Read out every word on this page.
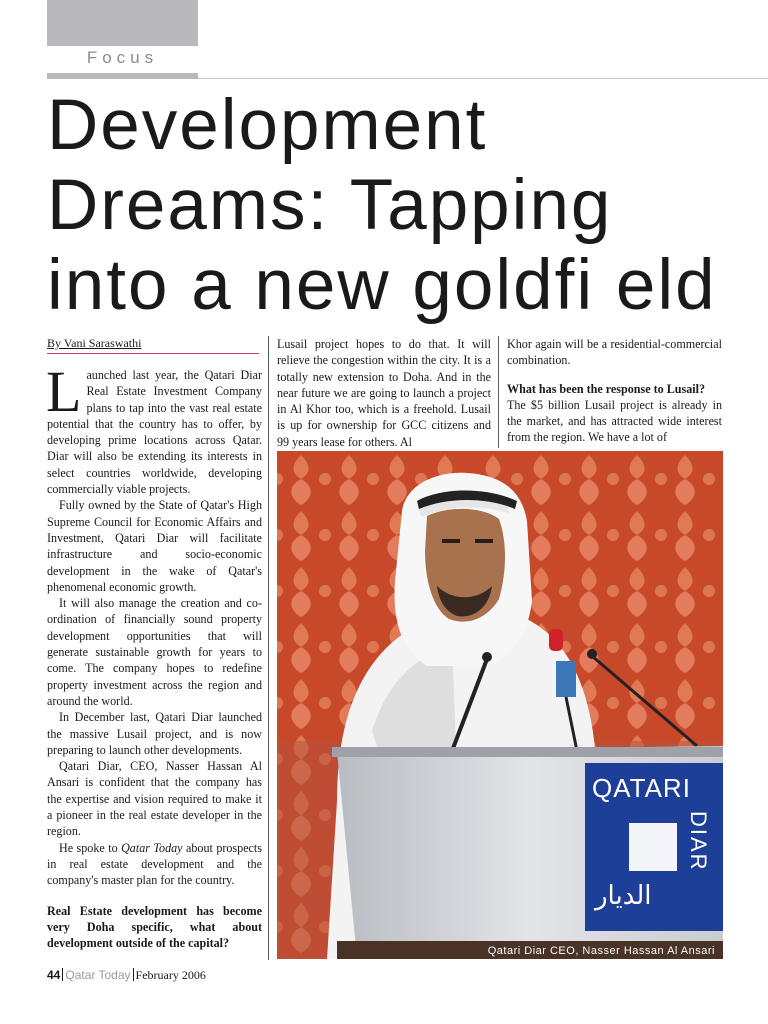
Focus
Development
Dreams: Tapping
into a new goldfi eld
By Vani Saraswathi

Launched last year, the Qatari Diar Real Estate Investment Company plans to tap into the vast real estate potential that the country has to offer, by developing prime locations across Qatar. Diar will also be extending its interests in select countries worldwide, developing commercially viable projects.

Fully owned by the State of Qatar's High Supreme Council for Economic Affairs and Investment, Qatari Diar will facilitate infrastructure and socio-economic development in the wake of Qatar's phenomenal economic growth.

It will also manage the creation and co-ordination of financially sound property development opportunities that will generate sustainable growth for years to come. The company hopes to redefine property investment across the region and around the world.

In December last, Qatari Diar launched the massive Lusail project, and is now preparing to launch other developments.

Qatari Diar, CEO, Nasser Hassan Al Ansari is confident that the company has the expertise and vision required to make it a pioneer in the real estate developer in the region.

He spoke to Qatar Today about prospects in real estate development and the company's master plan for the country.

Real Estate development has become very Doha specific, what about development outside of the capital?

Lusail project hopes to do that. It will relieve the congestion within the city. It is a totally new extension to Doha. And in the near future we are going to launch a project in Al Khor too, which is a freehold. Lusail is up for ownership for GCC citizens and 99 years lease for others. Al

Khor again will be a residential-commercial combination.

What has been the response to Lusail?

The $5 billion Lusail project is already in the market, and has attracted wide interest from the region. We have a lot of

QATARI
DIAR
الديار
Qatari Diar CEO, Nasser Hassan Al Ansari
44 Qatar Today February 2006
